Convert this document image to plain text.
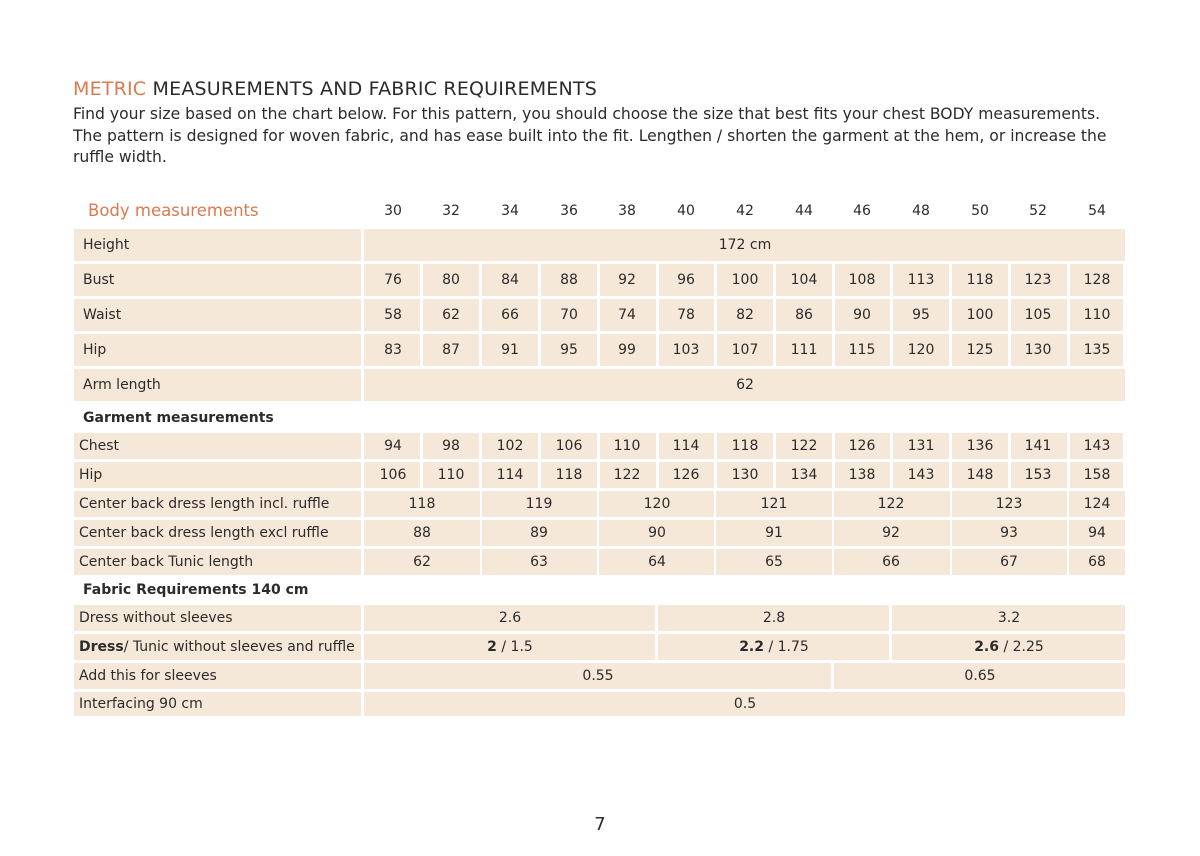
METRIC MEASUREMENTS AND FABRIC REQUIREMENTS

Find your size based on the chart below. For this pattern, you should choose the size that best fits your chest BODY measurements. The pattern is designed for woven fabric, and has ease built into the fit. Lengthen / shorten the garment at the hem, or increase the ruffle width.

Body measurements	30	32	34	36	38	40	42	44	46	48	50	52	54
Height	172 cm
Bust	76	80	84	88	92	96	100 104 108 113 118 123 128
Waist	58	62	66	70	74	78	82	86	90	95	100 105 110
Hip	83	87	91	95	99	103 107 111 115 120 125 130 135
Arm length	62
Garment measurements
Chest	94	98	102 106 110 114 118 122 126 131 136 141 143
Hip	106 110 114 118 122 126 130 134 138 143 148 153 158
Center back dress length incl. ruffle	118	119	120	121	122	123	124
Center back dress length excl ruffle	88	89	90	91	92	93	94
Center back Tunic length	62	63	64	65	66	67	68
Fabric Requirements 140 cm
Dress without sleeves	2.6	2.8	3.2
Dress/ Tunic without sleeves and ruffle	2 / 1.5	2.2 / 1.75	2.6 / 2.25
Add this for sleeves	0.55	0.65
Interfacing 90 cm	0.5
7
